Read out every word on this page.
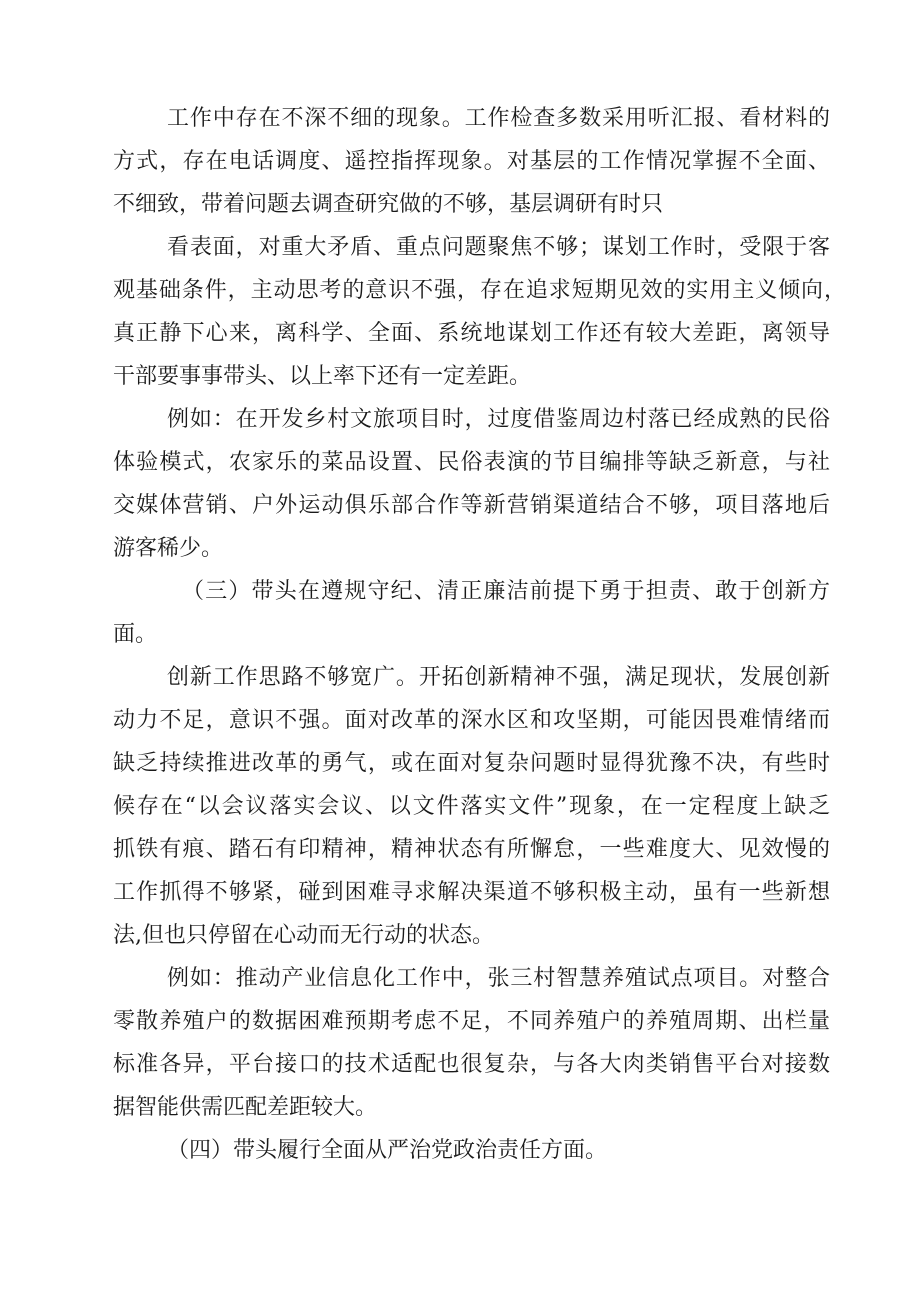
工作中存在不深不细的现象。工作检查多数采用听汇报、看材料的

方式，存在电话调度、遥控指挥现象。对基层的工作情况掌握不全面、

不细致，带着问题去调查研究做的不够，基层调研有时只

看表面，对重大矛盾、重点问题聚焦不够；谋划工作时，受限于客

观基础条件，主动思考的意识不强，存在追求短期见效的实用主义倾向，

真正静下心来，离科学、全面、系统地谋划工作还有较大差距，离领导

干部要事事带头、以上率下还有一定差距。

例如：在开发乡村文旅项目时，过度借鉴周边村落已经成熟的民俗

体验模式，农家乐的菜品设置、民俗表演的节目编排等缺乏新意，与社

交媒体营销、户外运动俱乐部合作等新营销渠道结合不够，项目落地后

游客稀少。

（三）带头在遵规守纪、清正廉洁前提下勇于担责、敢于创新方

面。

创新工作思路不够宽广。开拓创新精神不强，满足现状，发展创新

动力不足，意识不强。面对改革的深水区和攻坚期，可能因畏难情绪而

缺乏持续推进改革的勇气，或在面对复杂问题时显得犹豫不决，有些时

候存在“以会议落实会议、以文件落实文件”现象，在一定程度上缺乏

抓铁有痕、踏石有印精神，精神状态有所懈怠，一些难度大、见效慢的

工作抓得不够紧，碰到困难寻求解决渠道不够积极主动，虽有一些新想

法,但也只停留在心动而无行动的状态。

例如：推动产业信息化工作中，张三村智慧养殖试点项目。对整合

零散养殖户的数据困难预期考虑不足，不同养殖户的养殖周期、出栏量

标准各异，平台接口的技术适配也很复杂，与各大肉类销售平台对接数

据智能供需匹配差距较大。

（四）带头履行全面从严治党政治责任方面。
